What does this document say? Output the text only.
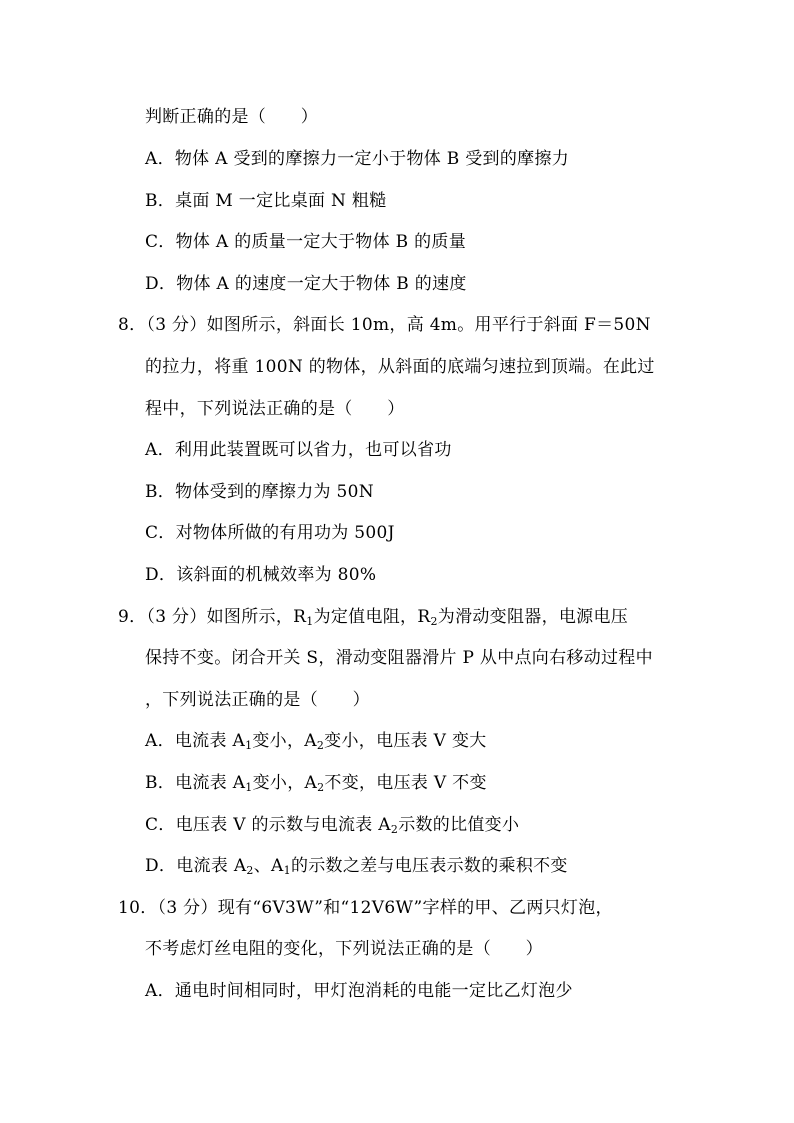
判断正确的是（　　）
A．物体 A 受到的摩擦力一定小于物体 B 受到的摩擦力
B．桌面 M 一定比桌面 N 粗糙
C．物体 A 的质量一定大于物体 B 的质量
D．物体 A 的速度一定大于物体 B 的速度
8．（3 分）如图所示，斜面长 10m，高 4m。用平行于斜面 F＝50N
的拉力，将重 100N 的物体，从斜面的底端匀速拉到顶端。在此过
程中，下列说法正确的是（　　）
A．利用此装置既可以省力，也可以省功
B．物体受到的摩擦力为 50N
C．对物体所做的有用功为 500J
D．该斜面的机械效率为 80%
9．（3 分）如图所示，$R_1$为定值电阻，$R_2$为滑动变阻器，电源电压
保持不变。闭合开关 S，滑动变阻器滑片 P 从中点向右移动过程中
，下列说法正确的是（　　）
A．电流表 $A_1$变小，$A_2$变小，电压表 V 变大
B．电流表 $A_1$变小，$A_2$不变，电压表 V 不变
C．电压表 V 的示数与电流表 $A_2$示数的比值变小
D．电流表 $A_2$、$A_1$的示数之差与电压表示数的乘积不变
10．（3 分）现有“6V3W”和“12V6W”字样的甲、乙两只灯泡，
不考虑灯丝电阻的变化，下列说法正确的是（　　）
A．通电时间相同时，甲灯泡消耗的电能一定比乙灯泡少
